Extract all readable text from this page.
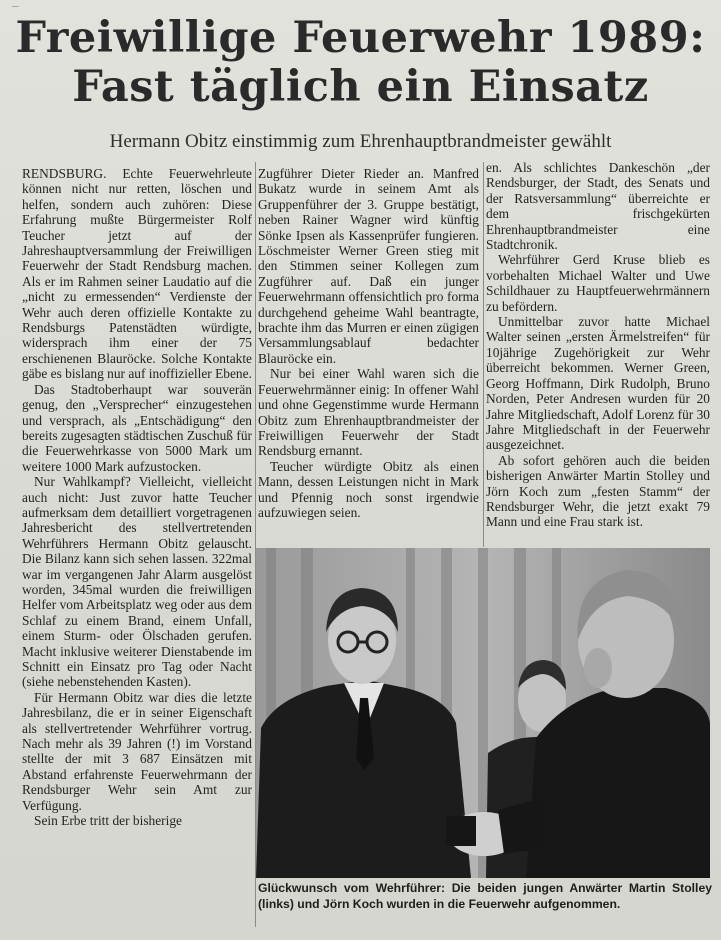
—
Freiwillige Feuerwehr 1989:
Fast täglich ein Einsatz
Hermann Obitz einstimmig zum Ehrenhauptbrandmeister gewählt

RENDSBURG. Echte Feuerwehrleute können nicht nur retten, löschen und helfen, sondern auch zuhören: Diese Erfahrung mußte Bürgermeister Rolf Teucher jetzt auf der Jahreshauptversammlung der Freiwilligen Feuerwehr der Stadt Rendsburg machen. Als er im Rahmen seiner Laudatio auf die „nicht zu ermessenden“ Verdienste der Wehr auch deren offizielle Kontakte zu Rendsburgs Patenstädten würdigte, widersprach ihm einer der 75 erschienenen Blauröcke. Solche Kontakte gäbe es bislang nur auf inoffizieller Ebene.

Das Stadtoberhaupt war souverän genug, den „Versprecher“ einzugestehen und versprach, als „Entschädigung“ den bereits zugesagten städtischen Zuschuß für die Feuerwehrkasse von 5000 Mark um weitere 1000 Mark aufzustocken.

Nur Wahlkampf? Vielleicht, vielleicht auch nicht: Just zuvor hatte Teucher aufmerksam dem detailliert vorgetragenen Jahresbericht des stellvertretenden Wehrführers Hermann Obitz gelauscht. Die Bilanz kann sich sehen lassen. 322mal war im vergangenen Jahr Alarm ausgelöst worden, 345mal wurden die freiwilligen Helfer vom Arbeitsplatz weg oder aus dem Schlaf zu einem Brand, einem Unfall, einem Sturm- oder Ölschaden gerufen. Macht inklusive weiterer Dienstabende im Schnitt ein Einsatz pro Tag oder Nacht (siehe nebenstehenden Kasten).

Für Hermann Obitz war dies die letzte Jahresbilanz, die er in seiner Eigenschaft als stellvertretender Wehrführer vortrug. Nach mehr als 39 Jahren (!) im Vorstand stellte der mit 3 687 Einsätzen mit Abstand erfahrenste Feuerwehrmann der Rendsburger Wehr sein Amt zur Verfügung.

Sein Erbe tritt der bisherige

Zugführer Dieter Rieder an. Manfred Bukatz wurde in seinem Amt als Gruppenführer der 3. Gruppe bestätigt, neben Rainer Wagner wird künftig Sönke Ipsen als Kassenprüfer fungieren. Löschmeister Werner Green stieg mit den Stimmen seiner Kollegen zum Zugführer auf. Daß ein junger Feuerwehrmann offensichtlich pro forma durchgehend geheime Wahl beantragte, brachte ihm das Murren er einen zügigen Versammlungsablauf bedachter Blauröcke ein.

Nur bei einer Wahl waren sich die Feuerwehrmänner einig: In offener Wahl und ohne Gegenstimme wurde Hermann Obitz zum Ehrenhauptbrandmeister der Freiwilligen Feuerwehr der Stadt Rendsburg ernannt.

Teucher würdigte Obitz als einen Mann, dessen Leistungen nicht in Mark und Pfennig noch sonst irgendwie aufzuwiegen seien.

en. Als schlichtes Dankeschön „der Rendsburger, der Stadt, des Senats und der Ratsversammlung“ überreichte er dem frischgekürten Ehrenhauptbrandmeister eine Stadtchronik.

Wehrführer Gerd Kruse blieb es vorbehalten Michael Walter und Uwe Schildhauer zu Hauptfeuerwehrmännern zu befördern.

Unmittelbar zuvor hatte Michael Walter seinen „ersten Ärmelstreifen“ für 10jährige Zugehörigkeit zur Wehr überreicht bekommen. Werner Green, Georg Hoffmann, Dirk Rudolph, Bruno Norden, Peter Andresen wurden für 20 Jahre Mitgliedschaft, Adolf Lorenz für 30 Jahre Mitgliedschaft in der Feuerwehr ausgezeichnet.

Ab sofort gehören auch die beiden bisherigen Anwärter Martin Stolley und Jörn Koch zum „festen Stamm“ der Rendsburger Wehr, die jetzt exakt 79 Mann und eine Frau stark ist.

Glückwunsch vom Wehrführer: Die beiden jungen Anwärter Martin Stolley (links) und Jörn Koch wurden in die Feuerwehr aufgenommen.
